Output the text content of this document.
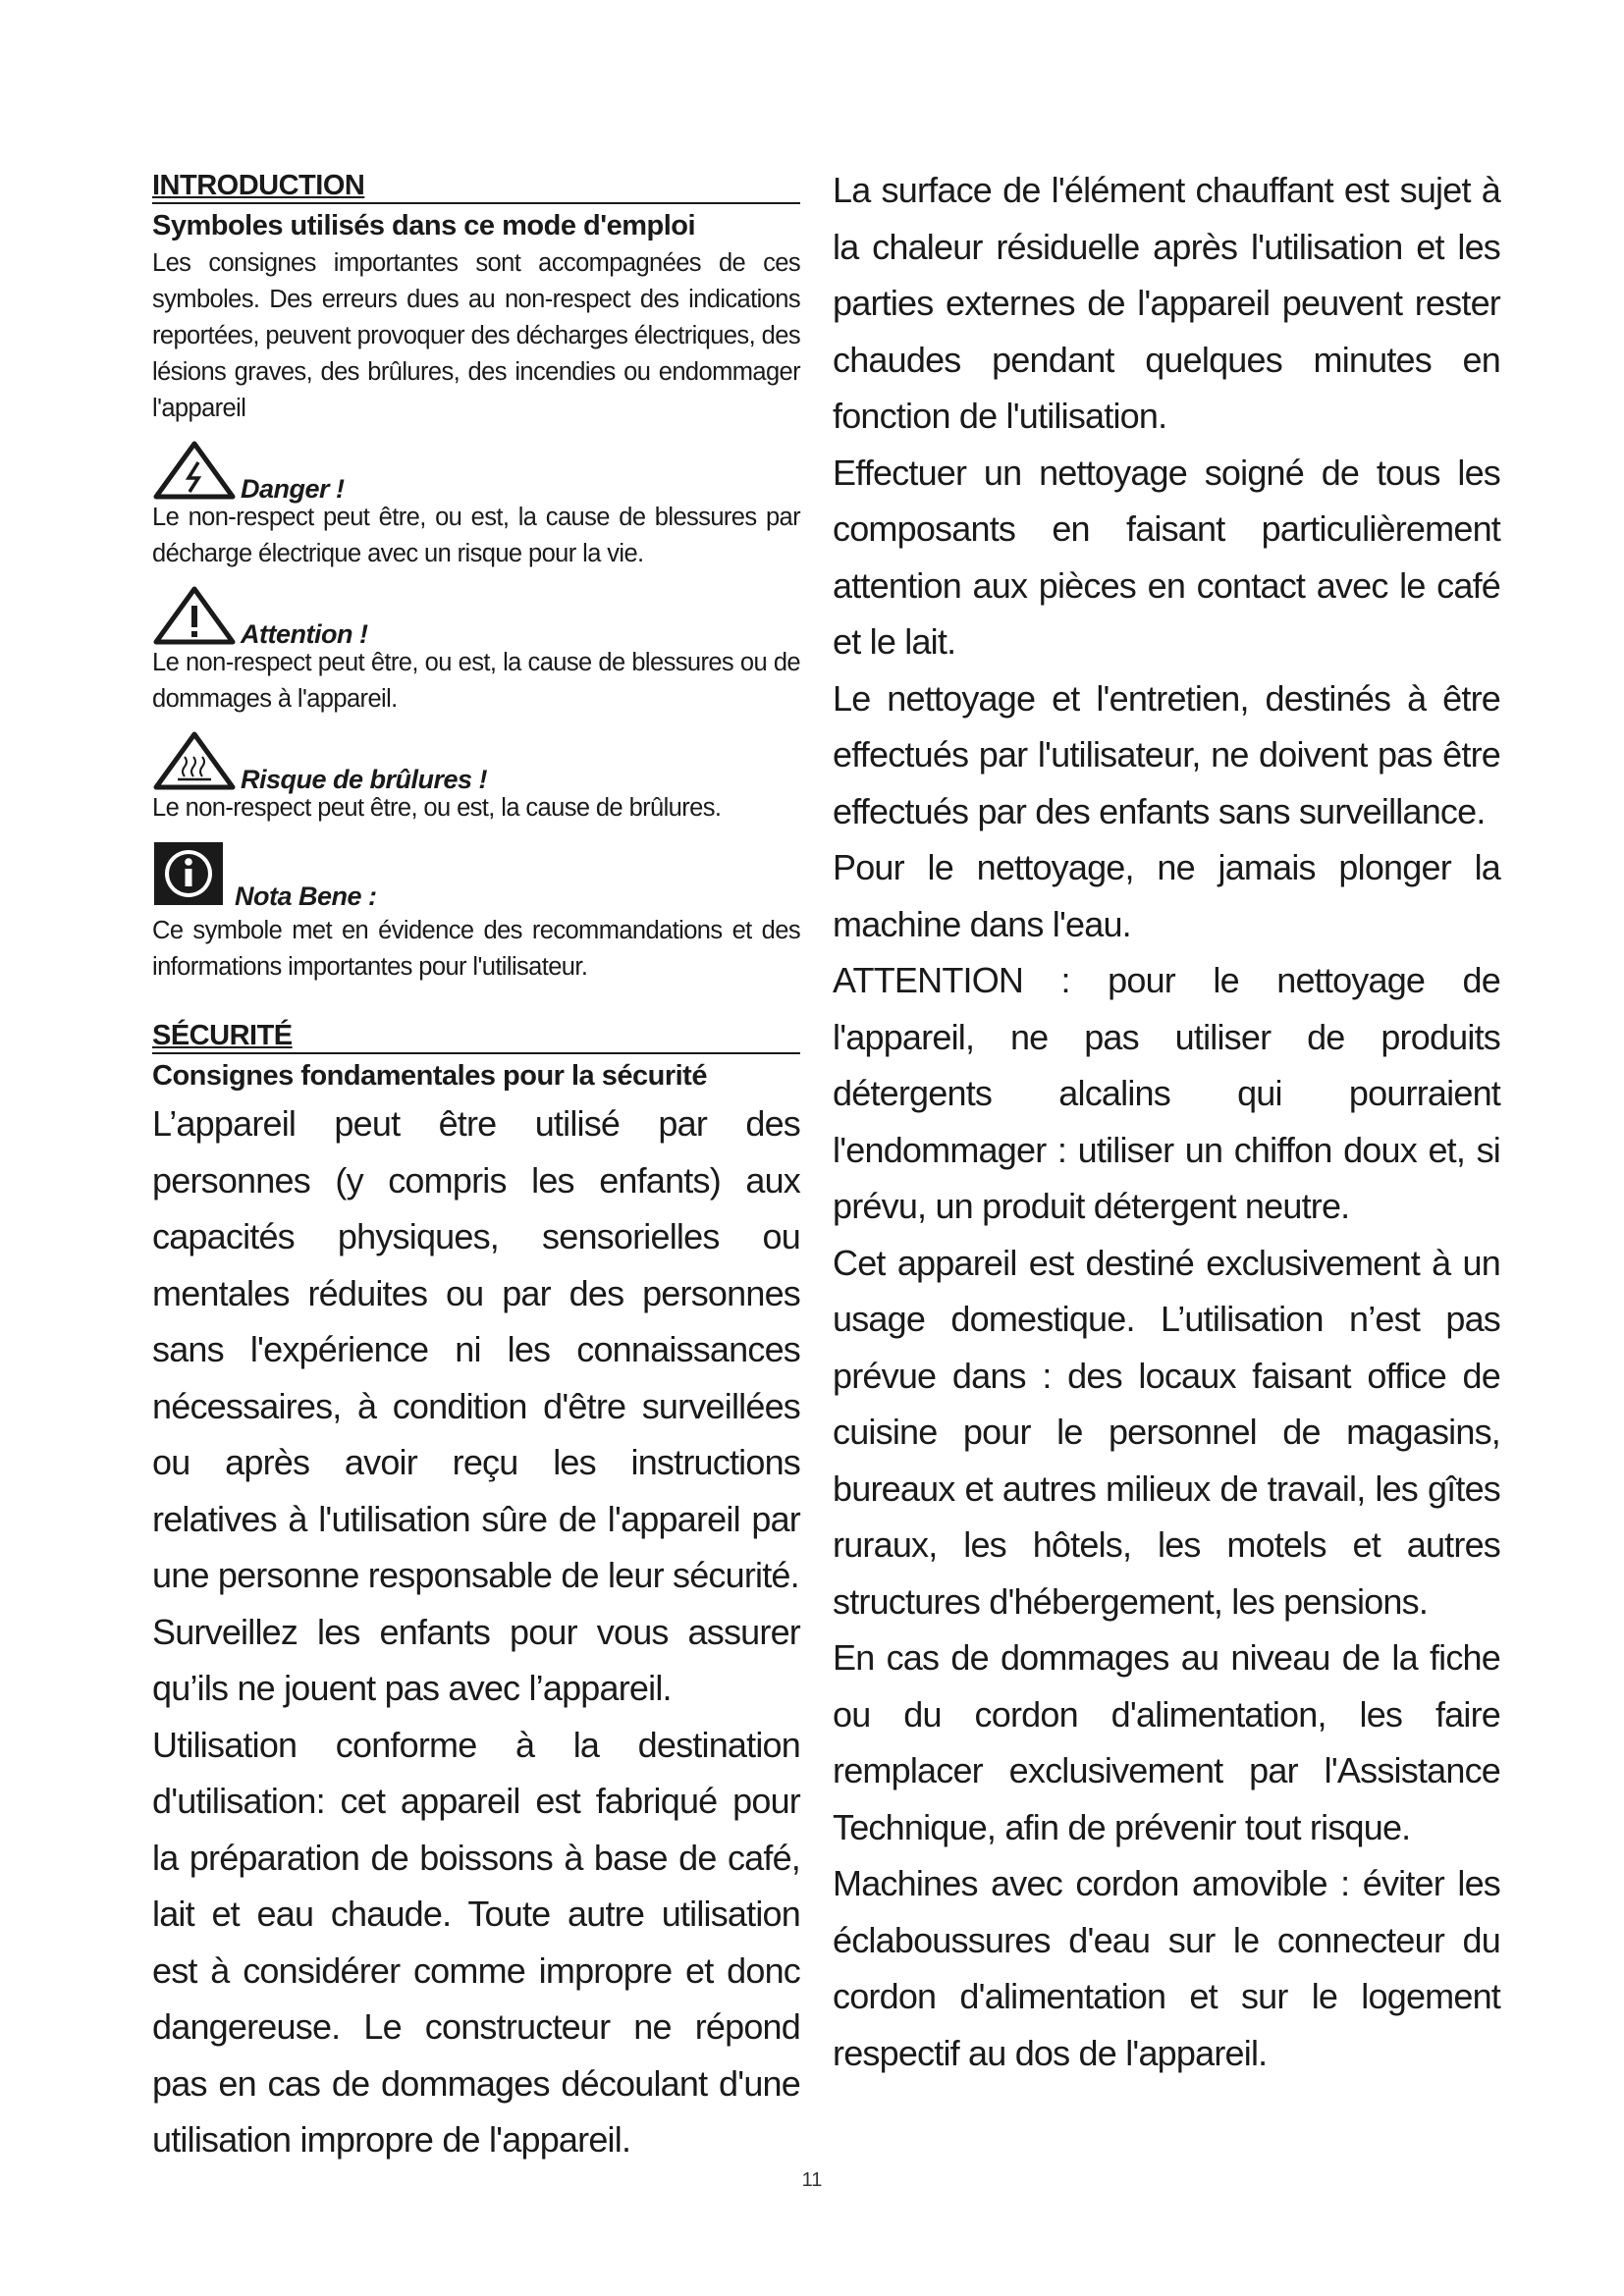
INTRODUCTION
Symboles utilisés dans ce mode d'emploi

Les consignes importantes sont accompagnées de ces symboles. Des erreurs dues au non-respect des indications reportées, peuvent provoquer des décharges électriques, des lésions graves, des brûlures, des incendies ou endommager l'appareil

Danger !

Le non-respect peut être, ou est, la cause de blessures par décharge électrique avec un risque pour la vie.

Attention !

Le non-respect peut être, ou est, la cause de blessures ou de dommages à l'appareil.

Risque de brûlures !

Le non-respect peut être, ou est, la cause de brûlures.

Nota Bene :

Ce symbole met en évidence des recommandations et des informations importantes pour l'utilisateur.

SÉCURITÉ
Consignes fondamentales pour la sécurité

L’appareil peut être utilisé par des personnes (y compris les enfants) aux capacités physiques, sensorielles ou mentales réduites ou par des personnes sans l'expérience ni les connaissances nécessaires, à condition d'être surveillées ou après avoir reçu les instructions relatives à l'utilisation sûre de l'appareil par une personne responsable de leur sécurité.

Surveillez les enfants pour vous assurer qu’ils ne jouent pas avec l’appareil.

Utilisation conforme à la destination d'utilisation: cet appareil est fabriqué pour la préparation de boissons à base de café, lait et eau chaude. Toute autre utilisation est à considérer comme impropre et donc dangereuse. Le constructeur ne répond pas en cas de dommages découlant d'une utilisation impropre de l'appareil.

La surface de l'élément chauffant est sujet à la chaleur résiduelle après l'utilisation et les parties externes de l'appareil peuvent rester chaudes pendant quelques minutes en fonction de l'utilisation.

Effectuer un nettoyage soigné de tous les composants en faisant particulièrement attention aux pièces en contact avec le café et le lait.

Le nettoyage et l'entretien, destinés à être effectués par l'utilisateur, ne doivent pas être effectués par des enfants sans surveillance.

Pour le nettoyage, ne jamais plonger la machine dans l'eau.

ATTENTION : pour le nettoyage de l'appareil, ne pas utiliser de produits détergents alcalins qui pourraient l'endommager : utiliser un chiffon doux et, si prévu, un produit détergent neutre.

Cet appareil est destiné exclusivement à un usage domestique. L’utilisation n’est pas prévue dans : des locaux faisant office de cuisine pour le personnel de magasins, bureaux et autres milieux de travail, les gîtes ruraux, les hôtels, les motels et autres structures d'hébergement, les pensions.

En cas de dommages au niveau de la fiche ou du cordon d'alimentation, les faire remplacer exclusivement par l'Assistance Technique, afin de prévenir tout risque.

Machines avec cordon amovible : éviter les éclaboussures d'eau sur le connecteur du cordon d'alimentation et sur le logement respectif au dos de l'appareil.

11
